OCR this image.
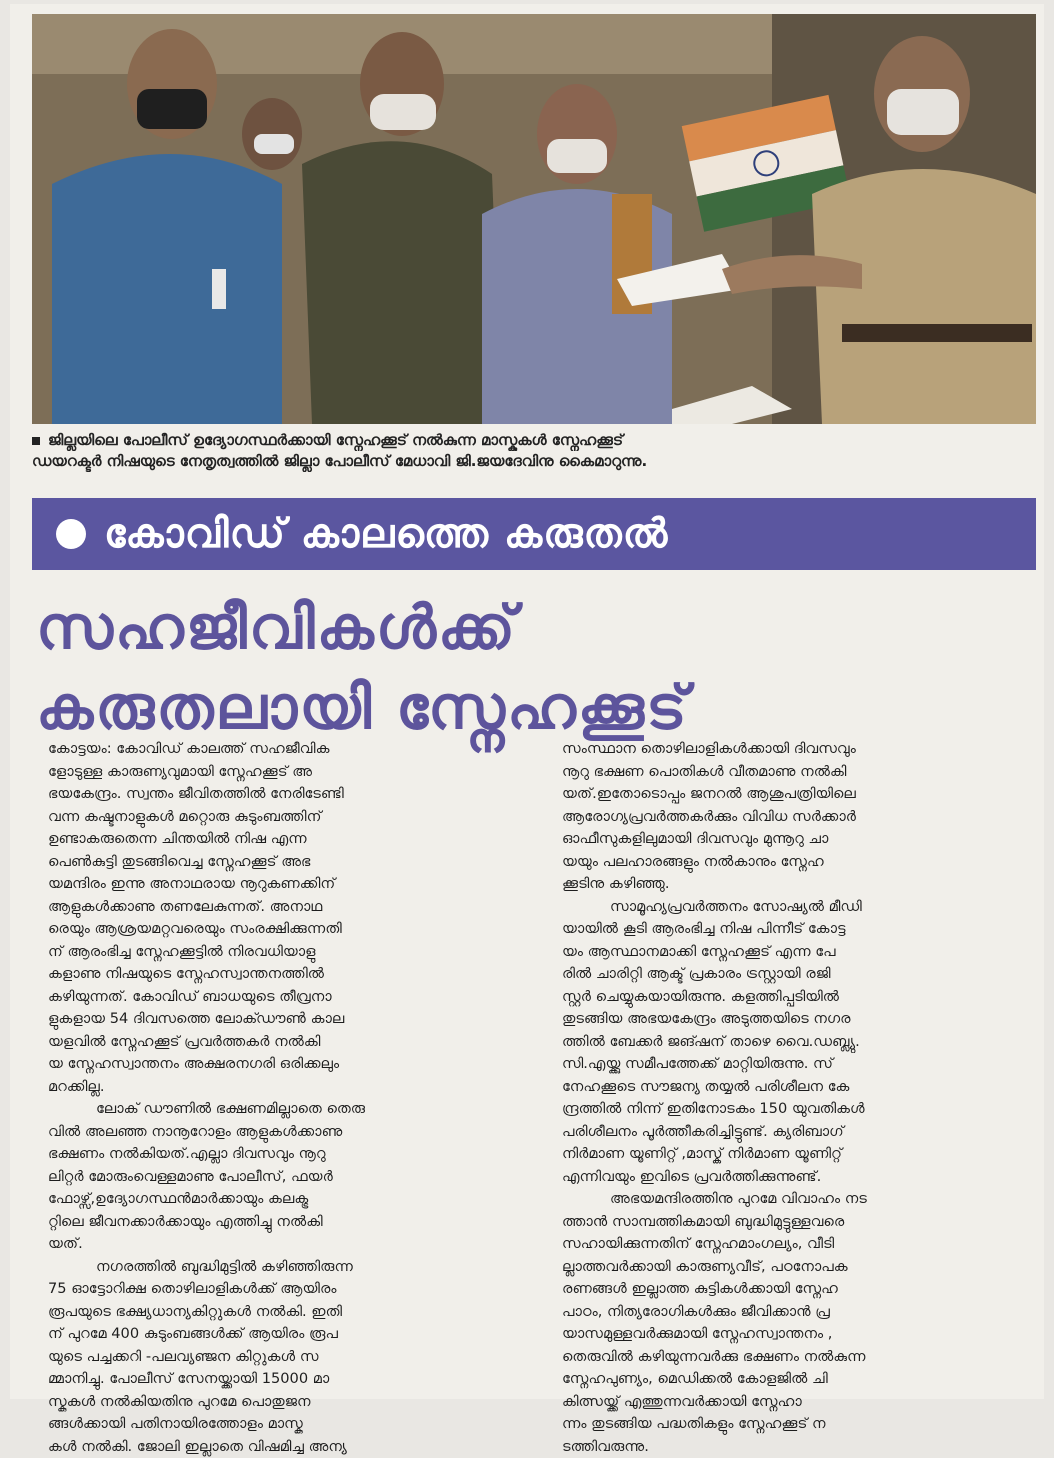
ജില്ലയിലെ പോലീസ് ഉദ്യോഗസ്ഥർക്കായി സ്നേഹക്കൂട് നൽകുന്ന മാസ്കുകൾ സ്നേഹക്കൂട്
ഡയറക്ടർ നിഷയുടെ നേതൃത്വത്തിൽ ജില്ലാ പോലീസ് മേധാവി ജി.ജയദേവിനു കൈമാറുന്നു.
കോവിഡ് കാലത്തെ കരുതൽ
സഹജീവികൾക്ക്
കരുതലായി സ്നേഹക്കൂട്
കോട്ടയം: കോവിഡ് കാലത്ത് സഹജീവിക
ളോടുള്ള കാരുണ്യവുമായി സ്നേഹക്കൂട് അ
ഭയകേന്ദ്രം. സ്വന്തം ജീവിതത്തിൽ നേരിടേണ്ടി
വന്ന കഷ്ടനാളുകൾ മറ്റൊരു കുടുംബത്തിന്
ഉണ്ടാകരുതെന്ന ചിന്തയിൽ നിഷ എന്ന
പെൺകുട്ടി തുടങ്ങിവെച്ച സ്നേഹക്കൂട് അഭ
യമന്ദിരം ഇന്നു അനാഥരായ നൂറുകണക്കിന്
ആളുകൾക്കാണു തണലേകുന്നത്. അനാഥ
രെയും ആശ്രയമറ്റവരെയും സംരക്ഷിക്കുന്നതി
ന് ആരംഭിച്ച സ്നേഹക്കൂട്ടിൽ നിരവധിയാളു
കളാണു നിഷയുടെ സ്നേഹസ്വാന്തനത്തിൽ
കഴിയുന്നത്. കോവിഡ് ബാധയുടെ തീവ്രനാ
ളുകളായ 54 ദിവസത്തെ ലോക്ഡൗൺ കാല
യളവിൽ സ്നേഹക്കൂട് പ്രവർത്തകർ നൽകി
യ സ്നേഹസ്വാന്തനം അക്ഷരനഗരി ഒരിക്കലും
മറക്കില്ല.
ലോക് ഡൗണിൽ ഭക്ഷണമില്ലാതെ തെരു
വിൽ അലഞ്ഞ നാനൂറോളം ആളുകൾക്കാണു
ഭക്ഷണം നൽകിയത്.എല്ലാ ദിവസവും നൂറു
ലിറ്റർ മോരുംവെള്ളമാണു പോലീസ്, ഫയർ
ഫോഴ്സ്,ഉദ്യോഗസ്ഥൻമാർക്കായും കലക്ട്ര
റ്റിലെ ജീവനക്കാർക്കായും എത്തിച്ചു നൽകി
യത്.
നഗരത്തിൽ ബുദ്ധിമുട്ടിൽ കഴിഞ്ഞിരുന്ന
75 ഓട്ടോറിക്ഷ തൊഴിലാളികൾക്ക് ആയിരം
രൂപയുടെ ഭക്ഷ്യധാന്യകിറ്റുകൾ നൽകി. ഇതി
ന് പുറമേ 400 കുടുംബങ്ങൾക്ക് ആയിരം രൂപ
യുടെ പച്ചക്കറി -പലവ്യഞ്ജന കിറ്റുകൾ സ
മ്മാനിച്ചു. പോലീസ് സേനയ്ക്കായി 15000 മാ
സ്കുകൾ നൽകിയതിനു പുറമേ പൊതുജന
ങ്ങൾക്കായി പതിനായിരത്തോളം മാസ്കു
കൾ നൽകി. ജോലി ഇല്ലാതെ വിഷമിച്ച അന്യ
സംസ്ഥാന തൊഴിലാളികൾക്കായി ദിവസവും
നൂറു ഭക്ഷണ പൊതികൾ വീതമാണു നൽകി
യത്.ഇതോടൊപ്പം ജനറൽ ആശുപത്രിയിലെ
ആരോഗ്യപ്രവർത്തകർക്കും വിവിധ സർക്കാർ
ഓഫീസുകളിലുമായി ദിവസവും മുന്നൂറു ചാ
യയും പലഹാരങ്ങളും നൽകാനും സ്നേഹ
ക്കൂടിനു കഴിഞ്ഞു.
സാമൂഹ്യപ്രവർത്തനം സോഷ്യൽ മീഡി
യായിൽ കൂടി ആരംഭിച്ച നിഷ പിന്നീട് കോട്ട
യം ആസ്ഥാനമാക്കി സ്നേഹക്കൂട് എന്ന പേ
രിൽ ചാരിറ്റി ആക്ട് പ്രകാരം ട്രസ്റ്റായി രജി
സ്റ്റർ ചെയ്യുകയായിരുന്നു. കളത്തിപ്പടിയിൽ
തുടങ്ങിയ അഭയകേന്ദ്രം അടുത്തയിടെ നഗര
ത്തിൽ ബേക്കർ ജങ്ഷന് താഴെ വൈ.ഡബ്ല്യു.
സി.എയ്ക്കു സമീപത്തേക്ക് മാറ്റിയിരുന്നു. സ്
നേഹക്കൂടെ സൗജന്യ തയ്യൽ പരിശീലന കേ
ന്ദ്രത്തിൽ നിന്ന് ഇതിനോടകം 150 യുവതികൾ
പരിശീലനം പൂർത്തീകരിച്ചിട്ടുണ്ട്. ക്യരിബാഗ്
നിർമാണ യൂണിറ്റ് ,മാസ്ക് നിർമാണ യൂണിറ്റ്
എന്നിവയും ഇവിടെ പ്രവർത്തിക്കുന്നുണ്ട്.
അഭയമന്ദിരത്തിനു പുറമേ വിവാഹം നട
ത്താൻ സാമ്പത്തികമായി ബുദ്ധിമുട്ടുള്ളവരെ
സഹായിക്കുന്നതിന് സ്നേഹമാംഗല്യം, വീടി
ല്ലാത്തവർക്കായി കാരുണ്യവീട്, പഠനോപക
രണങ്ങൾ ഇല്ലാത്ത കുട്ടികൾക്കായി സ്നേഹ
പാഠം, നിത്യരോഗികൾക്കും ജീവിക്കാൻ പ്ര
യാസമുള്ളവർക്കുമായി സ്നേഹസ്വാന്തനം ,
തെരുവിൽ കഴിയുന്നവർക്കു ഭക്ഷണം നൽകുന്ന
സ്നേഹപുണ്യം, മെഡിക്കൽ കോളജിൽ ചി
കിത്സയ്ക്ക് എത്തുന്നവർക്കായി സ്നേഹാ
ന്നം തുടങ്ങിയ പദ്ധതികളും സ്നേഹക്കൂട് ന
ടത്തിവരുന്നു.
